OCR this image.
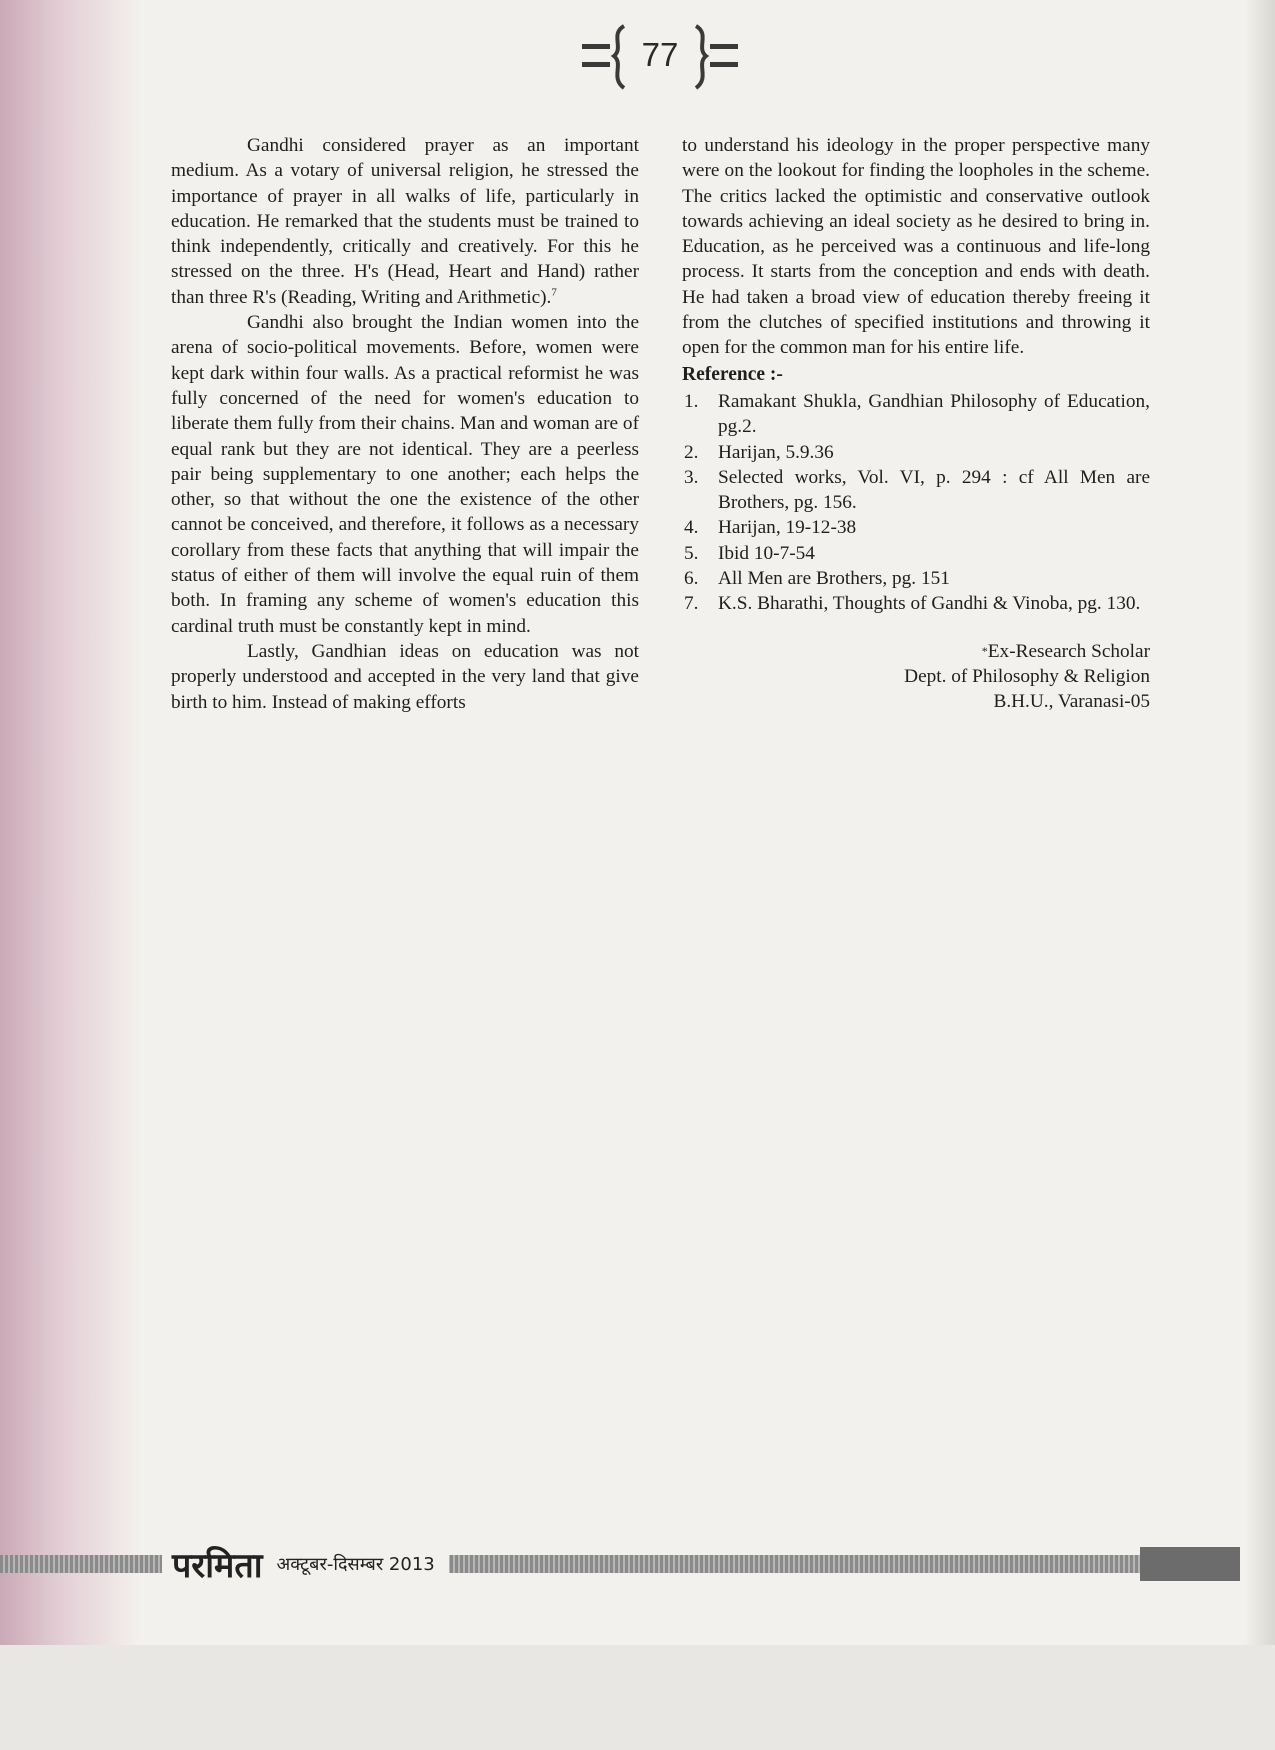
77

Gandhi considered prayer as an important medium. As a votary of universal religion, he stressed the importance of prayer in all walks of life, particularly in education. He remarked that the students must be trained to think independently, critically and creatively. For this he stressed on the three. H's (Head, Heart and Hand) rather than three R's (Reading, Writing and Arithmetic).$^7$

Gandhi also brought the Indian women into the arena of socio-political movements. Before, women were kept dark within four walls. As a practical reformist he was fully concerned of the need for women's education to liberate them fully from their chains. Man and woman are of equal rank but they are not identical. They are a peerless pair being supplementary to one another; each helps the other, so that without the one the existence of the other cannot be conceived, and therefore, it follows as a necessary corollary from these facts that anything that will impair the status of either of them will involve the equal ruin of them both. In framing any scheme of women's education this cardinal truth must be constantly kept in mind.

Lastly, Gandhian ideas on education was not properly understood and accepted in the very land that give birth to him. Instead of making efforts

to understand his ideology in the proper perspective many were on the lookout for finding the loopholes in the scheme. The critics lacked the optimistic and conservative outlook towards achieving an ideal society as he desired to bring in. Education, as he perceived was a continuous and life-long process. It starts from the conception and ends with death. He had taken a broad view of education thereby freeing it from the clutches of specified institutions and throwing it open for the common man for his entire life.

Reference :-
1. Ramakant Shukla, Gandhian Philosophy of Education, pg.2.
2. Harijan, 5.9.36
3. Selected works, Vol. VI, p. 294 : cf All Men are Brothers, pg. 156.
4. Harijan, 19-12-38
5. Ibid 10-7-54
6. All Men are Brothers, pg. 151
7. K.S. Bharathi, Thoughts of Gandhi & Vinoba, pg. 130.
*Ex-Research Scholar
Dept. of Philosophy & Religion
B.H.U., Varanasi-05
परमिता अक्टूबर-दिसम्बर 2013
